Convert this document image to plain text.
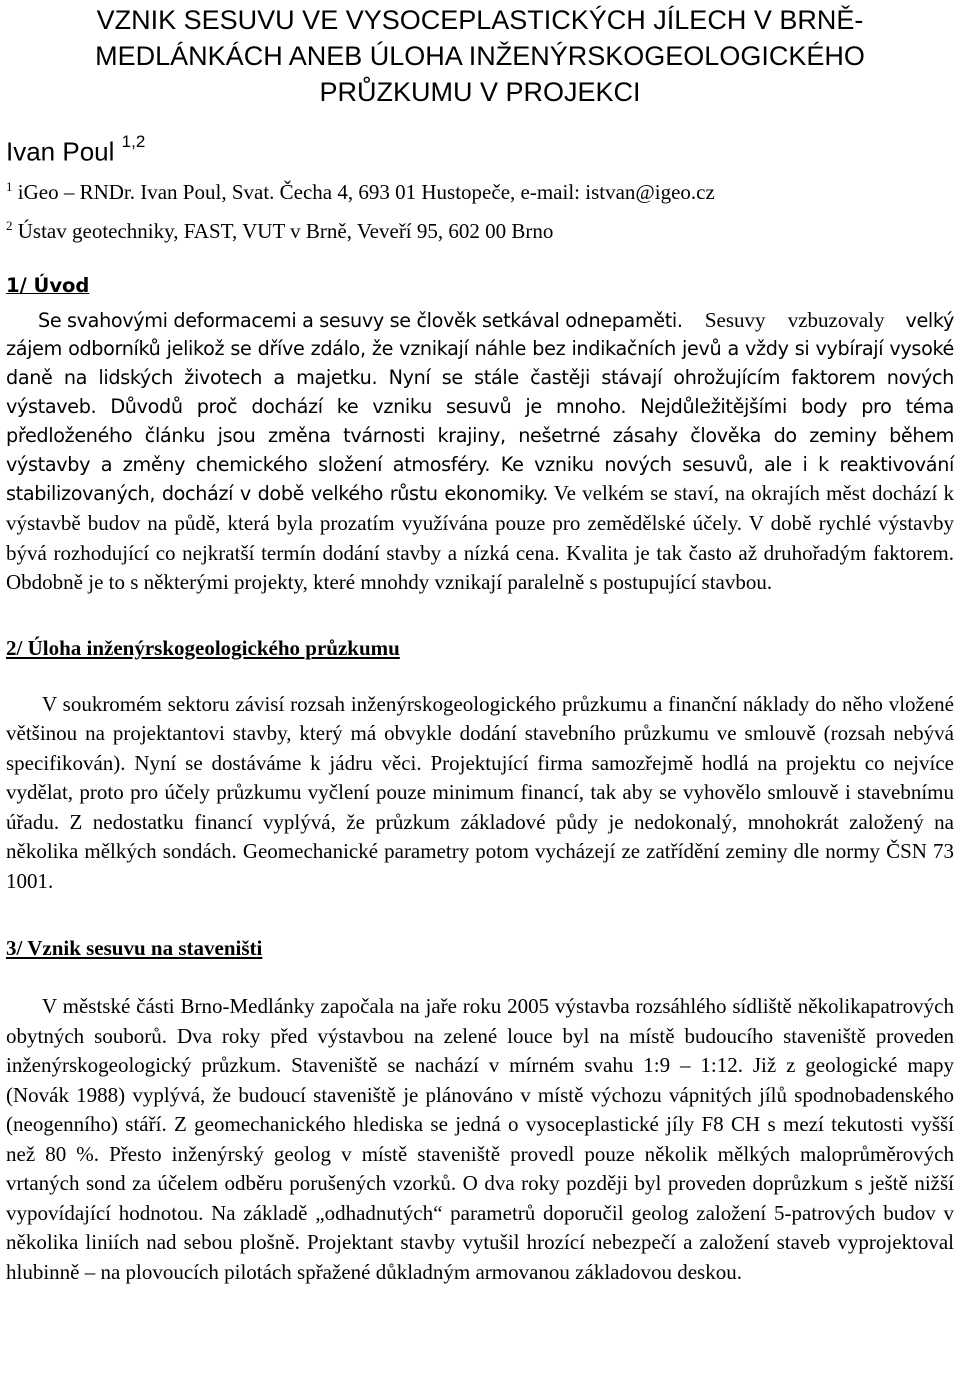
VZNIK SESUVU VE VYSOCEPLASTICKÝCH JÍLECH V BRNĚ-
MEDLÁNKÁCH ANEB ÚLOHA INŽENÝRSKOGEOLOGICKÉHO
PRŮZKUMU V PROJEKCI
Ivan Poul $^{1,2}$
$^1$ iGeo – RNDr. Ivan Poul, Svat. Čecha 4, 693 01 Hustopeče, e-mail: istvan@igeo.cz
$^2$ Ústav geotechniky, FAST, VUT v Brně, Veveří 95, 602 00 Brno
1/ Úvod

Se svahovými deformacemi a sesuvy se člověk setkával odnepaměti. Sesuvy vzbuzovaly velký zájem odborníků jelikož se dříve zdálo, že vznikají náhle bez indikačních jevů a vždy si vybírají vysoké daně na lidských životech a majetku. Nyní se stále častěji stávají ohrožujícím faktorem nových výstaveb. Důvodů proč dochází ke vzniku sesuvů je mnoho. Nejdůležitějšími body pro téma předloženého článku jsou změna tvárnosti krajiny, nešetrné zásahy člověka do zeminy během výstavby a změny chemického složení atmosféry. Ke vzniku nových sesuvů, ale i k reaktivování stabilizovaných, dochází v době velkého růstu ekonomiky. Ve velkém se staví, na okrajích měst dochází k výstavbě budov na půdě, která byla prozatím využívána pouze pro zemědělské účely. V době rychlé výstavby bývá rozhodující co nejkratší termín dodání stavby a nízká cena. Kvalita je tak často až druhořadým faktorem. Obdobně je to s některými projekty, které mnohdy vznikají paralelně s postupující stavbou.

2/ Úloha inženýrskogeologického průzkumu

V soukromém sektoru závisí rozsah inženýrskogeologického průzkumu a finanční náklady do něho vložené většinou na projektantovi stavby, který má obvykle dodání stavebního průzkumu ve smlouvě (rozsah nebývá specifikován). Nyní se dostáváme k jádru věci. Projektující firma samozřejmě hodlá na projektu co nejvíce vydělat, proto pro účely průzkumu vyčlení pouze minimum financí, tak aby se vyhovělo smlouvě i stavebnímu úřadu. Z nedostatku financí vyplývá, že průzkum základové půdy je nedokonalý, mnohokrát založený na několika mělkých sondách. Geomechanické parametry potom vycházejí ze zatřídění zeminy dle normy ČSN 73 1001.

3/ Vznik sesuvu na staveništi

V městské části Brno-Medlánky započala na jaře roku 2005 výstavba rozsáhlého sídliště několikapatrových obytných souborů. Dva roky před výstavbou na zelené louce byl na místě budoucího staveniště proveden inženýrskogeologický průzkum. Staveniště se nachází v mírném svahu 1:9 – 1:12. Již z geologické mapy (Novák 1988) vyplývá, že budoucí staveniště je plánováno v místě výchozu vápnitých jílů spodnobadenského (neogenního) stáří. Z geomechanického hlediska se jedná o vysoceplastické jíly F8 CH s mezí tekutosti vyšší než 80 %. Přesto inženýrský geolog v místě staveniště provedl pouze několik mělkých maloprůměrových vrtaných sond za účelem odběru porušených vzorků. O dva roky později byl proveden doprůzkum s ještě nižší vypovídající hodnotou. Na základě „odhadnutých“ parametrů doporučil geolog založení 5-patrových budov v několika liniích nad sebou plošně. Projektant stavby vytušil hrozící nebezpečí a založení staveb vyprojektoval hlubinně – na plovoucích pilotách spřažené důkladným armovanou základovou deskou.
